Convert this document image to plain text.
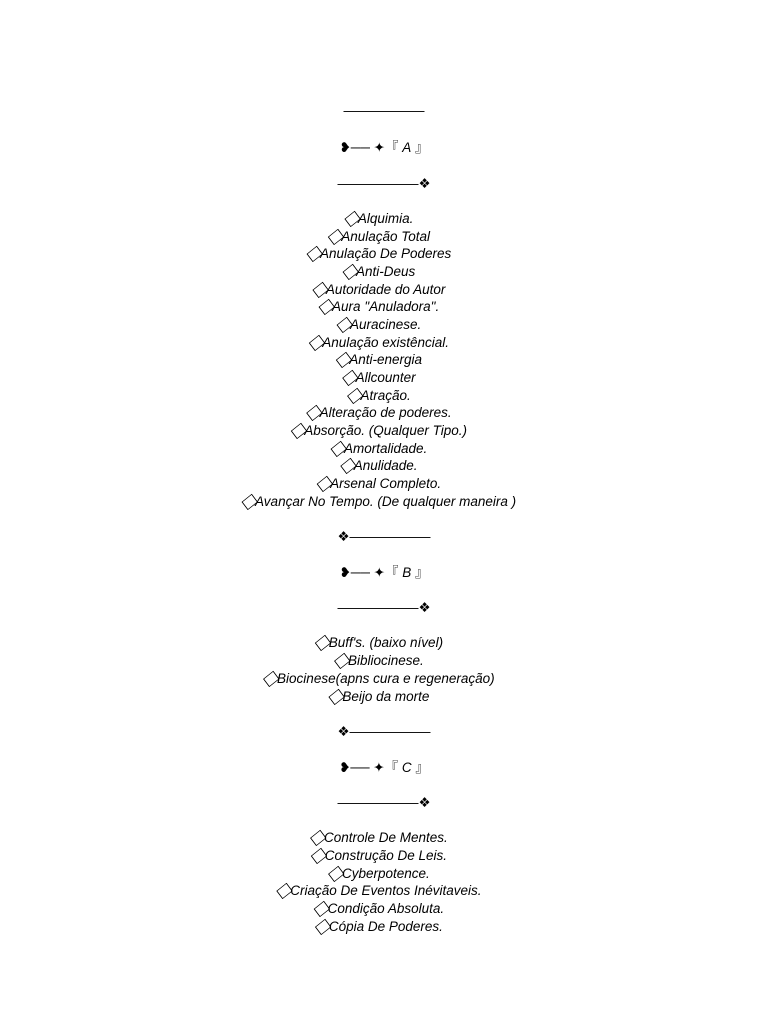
——————
❥── ✦『 A 』
——————❖
⃟⃟ Alquimia.
⃟⃟ Anulação Total
⃟⃟ Anulação De Poderes
⃟⃟ Anti-Deus
⃟⃟ Autoridade do Autor
⃟⃟ Aura "Anuladora".
⃟⃟ Auracinese.
⃟⃟ Anulação existêncial.
⃟⃟ Anti-energia
⃟⃟ Allcounter
⃟⃟ Atração.
⃟⃟ Alteração de poderes.
⃟⃟ Absorção. (Qualquer Tipo.)
⃟⃟ Amortalidade.
⃟⃟ Anulidade.
⃟⃟ Arsenal Completo.
⃟⃟ Avançar No Tempo. (De qualquer maneira )
❖——————
❥── ✦『 B 』
——————❖
⃟⃟ Buff's. (baixo nível)
⃟⃟ Bibliocinese.
⃟⃟ Biocinese(apns cura e regeneração)
⃟⃟ Beijo da morte
❖——————
❥── ✦『 C 』
——————❖
⃟⃟ Controle De Mentes.
⃟⃟ Construção De Leis.
⃟⃟ Cyberpotence.
⃟⃟ Criação De Eventos Inévitaveis.
⃟⃟ Condição Absoluta.
⃟⃟ Cópia De Poderes.
